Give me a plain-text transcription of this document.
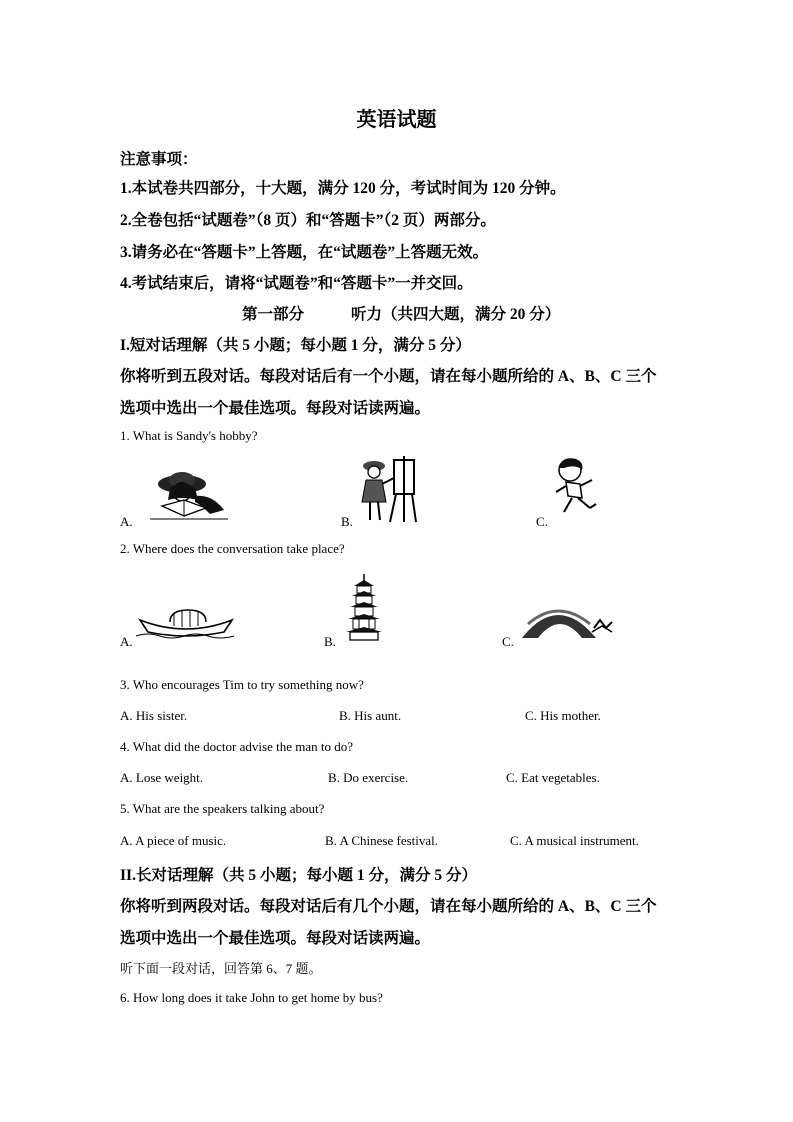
英语试题
注意事项：
1.本试卷共四部分，十大题，满分 120 分，考试时间为 120 分钟。
2.全卷包括“试题卷”（8 页）和“答题卡”（2 页）两部分。
3.请务必在“答题卡”上答题，在“试题卷”上答题无效。
4.考试结束后，请将“试题卷”和“答题卡”一并交回。
第一部分	听力（共四大题，满分 20 分）
I.短对话理解（共 5 小题；每小题 1 分，满分 5 分）
你将听到五段对话。每段对话后有一个小题，请在每小题所给的 A、B、C 三个
选项中选出一个最佳选项。每段对话读两遍。
1. What is Sandy's hobby?
A.	B.	C.
2. Where does the conversation take place?
A.	B.	C.
3. Who encourages Tim to try something now?
A. His sister.	B. His aunt.	C. His mother.
4. What did the doctor advise the man to do?
A. Lose weight.	B. Do exercise.	C. Eat vegetables.
5. What are the speakers talking about?
A. A piece of music.	B. A Chinese festival.	C. A musical instrument.
II.长对话理解（共 5 小题；每小题 1 分，满分 5 分）
你将听到两段对话。每段对话后有几个小题，请在每小题所给的 A、B、C 三个
选项中选出一个最佳选项。每段对话读两遍。
听下面一段对话，回答第 6、7 题。
6. How long does it take John to get home by bus?
